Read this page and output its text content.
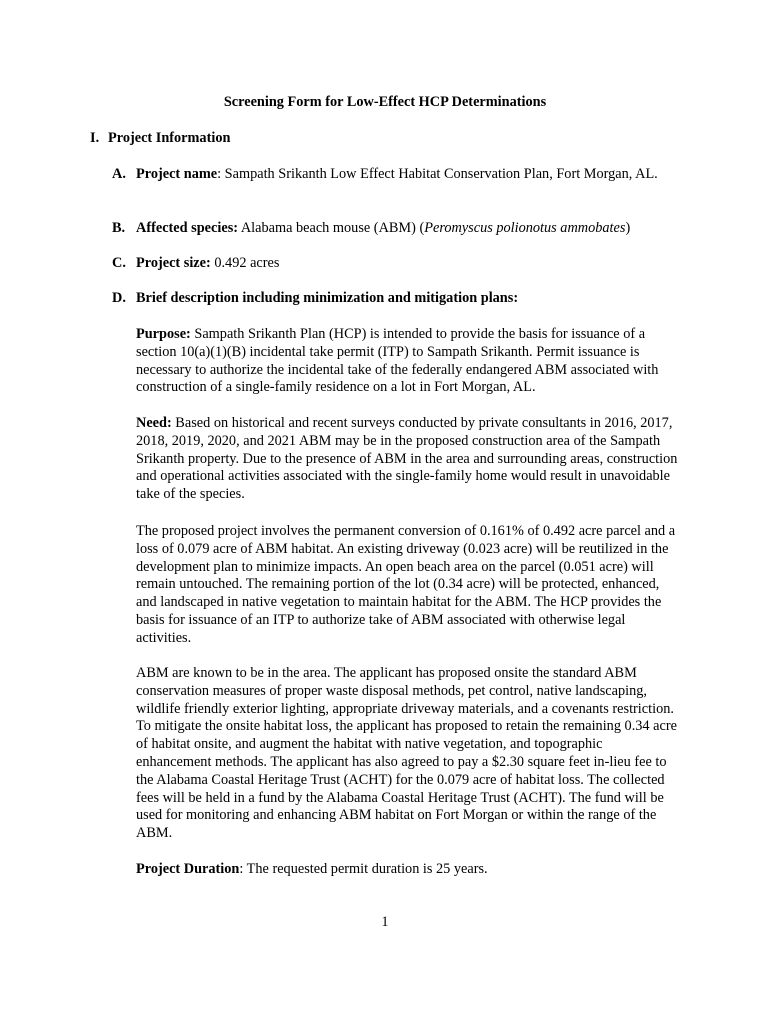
Screening Form for Low-Effect HCP Determinations
I. Project Information
A. Project name: Sampath Srikanth Low Effect Habitat Conservation Plan, Fort Morgan, AL.
B. Affected species: Alabama beach mouse (ABM) (Peromyscus polionotus ammobates)
C. Project size: 0.492 acres
D. Brief description including minimization and mitigation plans:

Purpose: Sampath Srikanth Plan (HCP) is intended to provide the basis for issuance of a section 10(a)(1)(B) incidental take permit (ITP) to Sampath Srikanth. Permit issuance is necessary to authorize the incidental take of the federally endangered ABM associated with construction of a single-family residence on a lot in Fort Morgan, AL.

Need: Based on historical and recent surveys conducted by private consultants in 2016, 2017, 2018, 2019, 2020, and 2021 ABM may be in the proposed construction area of the Sampath Srikanth property. Due to the presence of ABM in the area and surrounding areas, construction and operational activities associated with the single-family home would result in unavoidable take of the species.

The proposed project involves the permanent conversion of 0.161% of 0.492 acre parcel and a loss of 0.079 acre of ABM habitat. An existing driveway (0.023 acre) will be reutilized in the development plan to minimize impacts. An open beach area on the parcel (0.051 acre) will remain untouched. The remaining portion of the lot (0.34 acre) will be protected, enhanced, and landscaped in native vegetation to maintain habitat for the ABM. The HCP provides the basis for issuance of an ITP to authorize take of ABM associated with otherwise legal activities.

ABM are known to be in the area. The applicant has proposed onsite the standard ABM conservation measures of proper waste disposal methods, pet control, native landscaping, wildlife friendly exterior lighting, appropriate driveway materials, and a covenants restriction. To mitigate the onsite habitat loss, the applicant has proposed to retain the remaining 0.34 acre of habitat onsite, and augment the habitat with native vegetation, and topographic enhancement methods. The applicant has also agreed to pay a $2.30 square feet in-lieu fee to the Alabama Coastal Heritage Trust (ACHT) for the 0.079 acre of habitat loss. The collected fees will be held in a fund by the Alabama Coastal Heritage Trust (ACHT). The fund will be used for monitoring and enhancing ABM habitat on Fort Morgan or within the range of the ABM.

Project Duration: The requested permit duration is 25 years.

1
